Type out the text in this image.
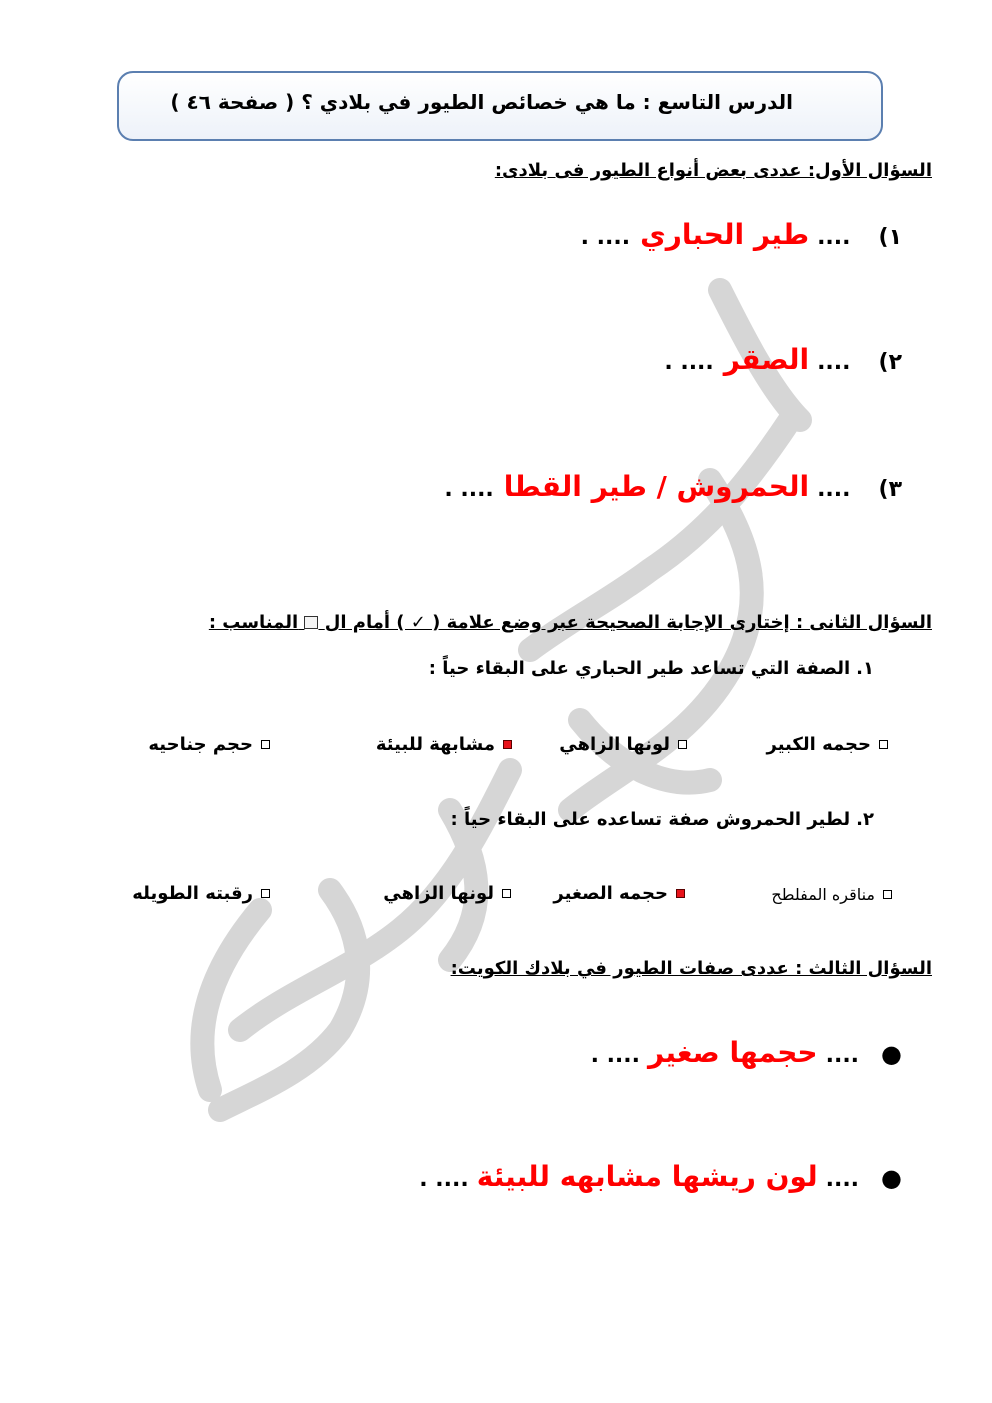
الدرس التاسع : ما هي خصائص الطيور في بلادي ؟ ( صفحة ٤٦ )
السؤال الأول: عددى بعض أنواع الطيور فى بلادى:
١)
....
طير الحباري
.... .
٢)
....
الصقر
.... .
٣)
....
الحمروش / طير القطا
.... .
السؤال الثانى : إختارى الإجابة الصحيحة عبر وضع علامة ( ✓ ) أمام ال  المناسب :
١.
الصفة التي تساعد طير الحباري على البقاء حياً :
حجمه الكبير
لونها الزاهي
مشابهة للبيئة
حجم جناحيه
٢.
لطير الحمروش صفة تساعده على البقاء حياً :
مناقره المفلطح
حجمه الصغير
لونها الزاهي
رقبته الطويله
السؤال الثالث : عددى صفات الطيور في بلادك الكويت:
●
....
حجمها صغير
.... .
●
....
لون ريشها مشابهه للبيئة
.... .
